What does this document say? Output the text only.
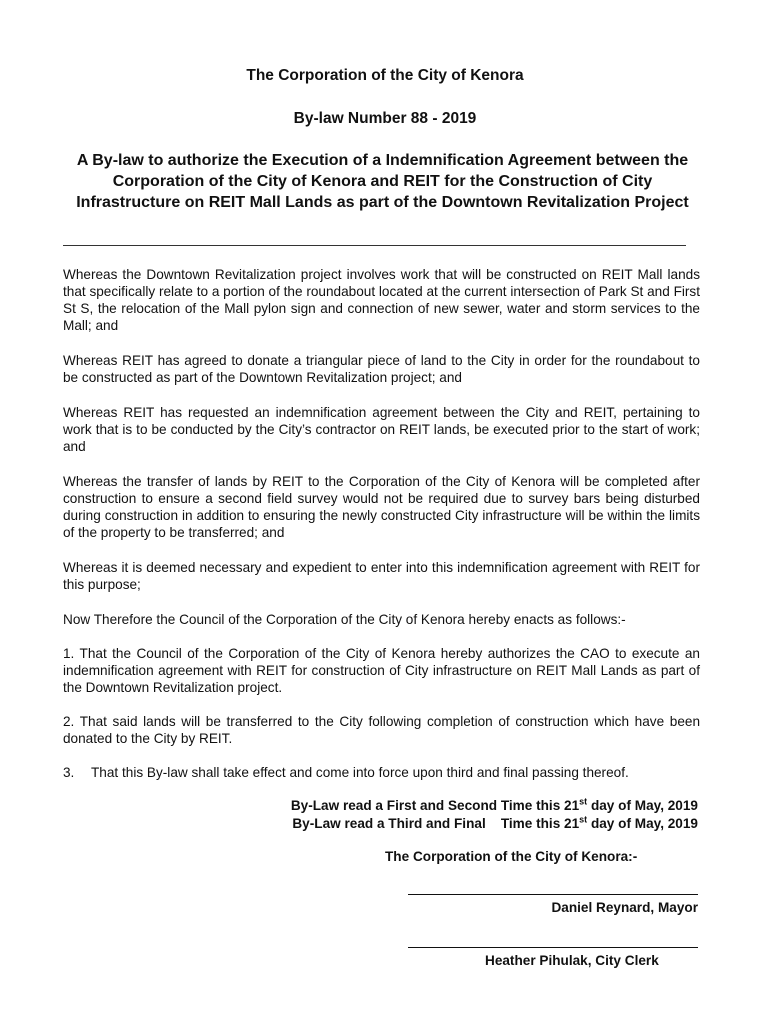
The Corporation of the City of Kenora
By-law Number 88 - 2019
A By-law to authorize the Execution of a Indemnification Agreement between the Corporation of the City of Kenora and REIT for the Construction of City Infrastructure on REIT Mall Lands as part of the Downtown Revitalization Project
Whereas the Downtown Revitalization project involves work that will be constructed on REIT Mall lands that specifically relate to a portion of the roundabout located at the current intersection of Park St and First St S, the relocation of the Mall pylon sign and connection of new sewer, water and storm services to the Mall; and
Whereas REIT has agreed to donate a triangular piece of land to the City in order for the roundabout to be constructed as part of the Downtown Revitalization project; and
Whereas REIT has requested an indemnification agreement between the City and REIT, pertaining to work that is to be conducted by the City’s contractor on REIT lands, be executed prior to the start of work; and
Whereas the transfer of lands by REIT to the Corporation of the City of Kenora will be completed after construction to ensure a second field survey would not be required due to survey bars being disturbed during construction in addition to ensuring the newly constructed City infrastructure will be within the limits of the property to be transferred; and
Whereas it is deemed necessary and expedient to enter into this indemnification agreement with REIT for this purpose;
Now Therefore the Council of the Corporation of the City of Kenora hereby enacts as follows:-
1. That the Council of the Corporation of the City of Kenora hereby authorizes the CAO to execute an indemnification agreement with REIT for construction of City infrastructure on REIT Mall Lands as part of the Downtown Revitalization project.
2. That said lands will be transferred to the City following completion of construction which have been donated to the City by REIT.
3. That this By-law shall take effect and come into force upon third and final passing thereof.
By-Law read a First and Second Time this 21st day of May, 2019
By-Law read a Third and Final    Time this 21st day of May, 2019
The Corporation of the City of Kenora:-
Daniel Reynard, Mayor
Heather Pihulak, City Clerk
